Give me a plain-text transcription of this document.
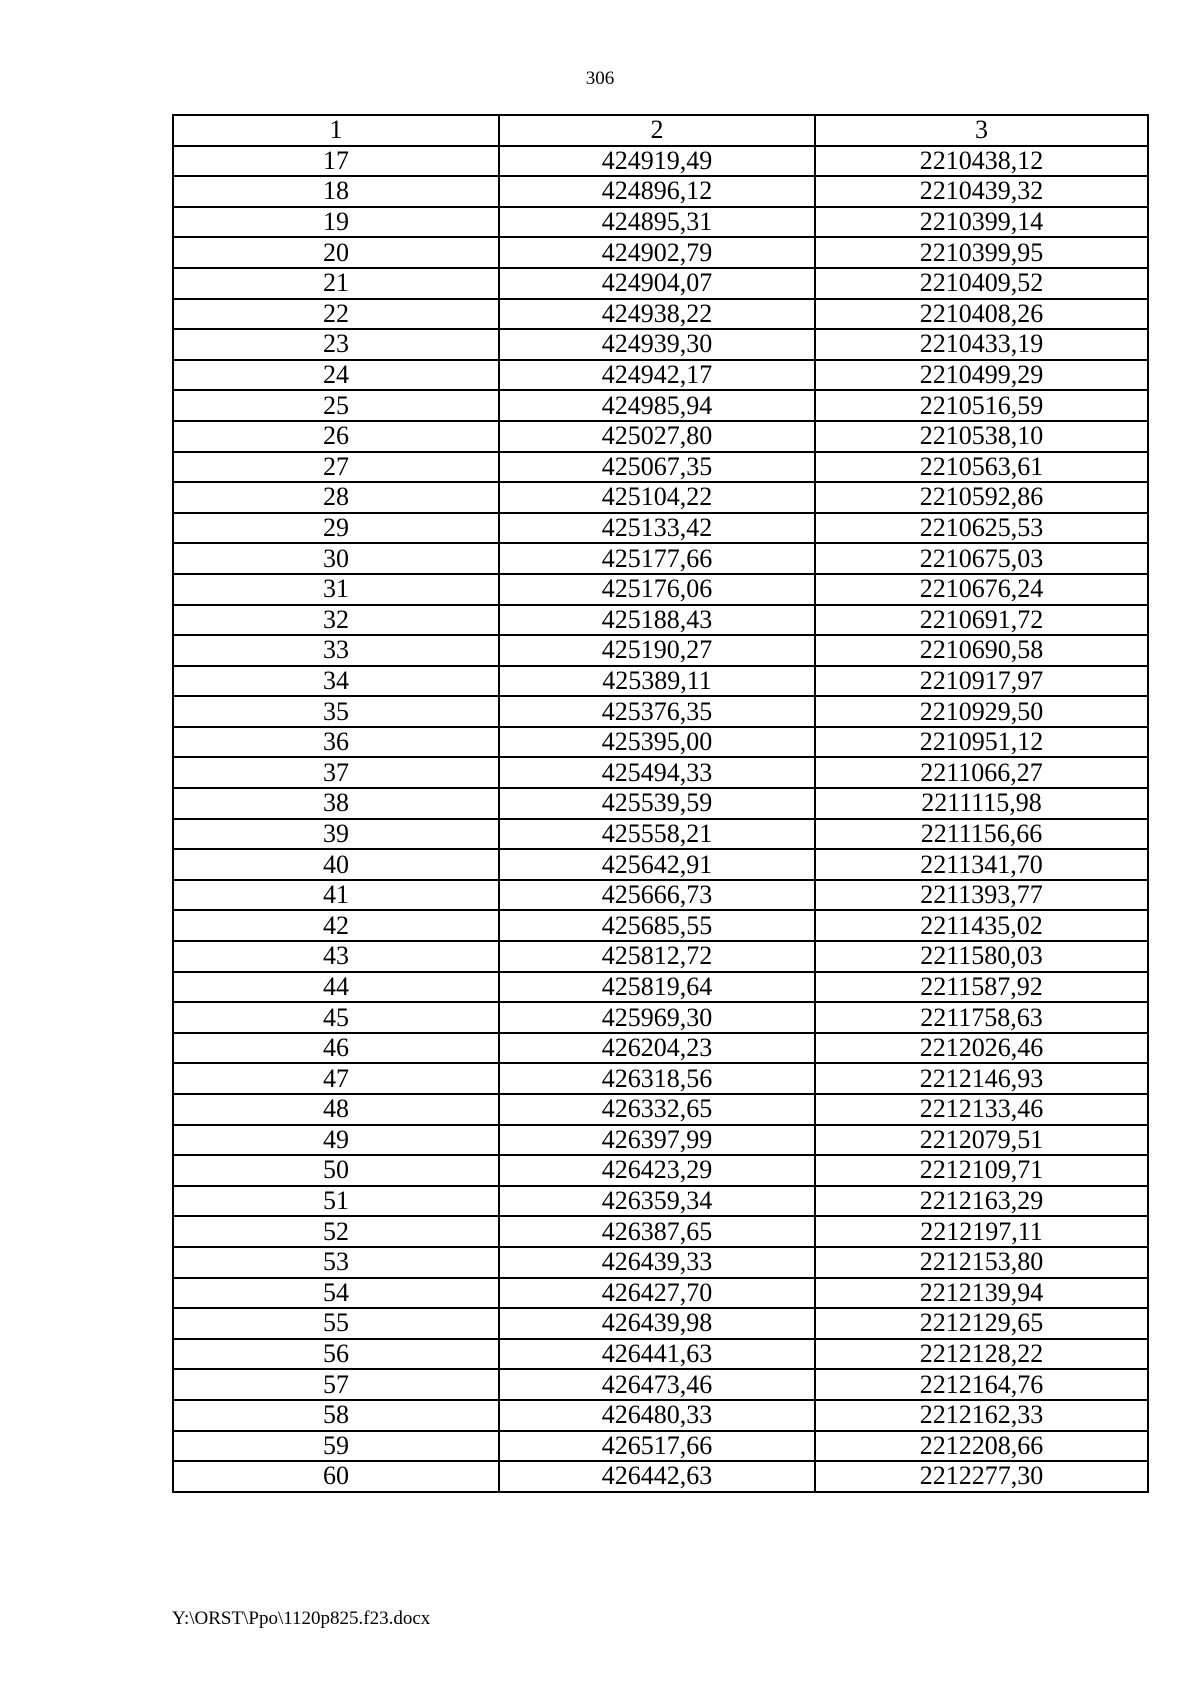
306
1	2	3
17	424919,49	2210438,12
18	424896,12	2210439,32
19	424895,31	2210399,14
20	424902,79	2210399,95
21	424904,07	2210409,52
22	424938,22	2210408,26
23	424939,30	2210433,19
24	424942,17	2210499,29
25	424985,94	2210516,59
26	425027,80	2210538,10
27	425067,35	2210563,61
28	425104,22	2210592,86
29	425133,42	2210625,53
30	425177,66	2210675,03
31	425176,06	2210676,24
32	425188,43	2210691,72
33	425190,27	2210690,58
34	425389,11	2210917,97
35	425376,35	2210929,50
36	425395,00	2210951,12
37	425494,33	2211066,27
38	425539,59	2211115,98
39	425558,21	2211156,66
40	425642,91	2211341,70
41	425666,73	2211393,77
42	425685,55	2211435,02
43	425812,72	2211580,03
44	425819,64	2211587,92
45	425969,30	2211758,63
46	426204,23	2212026,46
47	426318,56	2212146,93
48	426332,65	2212133,46
49	426397,99	2212079,51
50	426423,29	2212109,71
51	426359,34	2212163,29
52	426387,65	2212197,11
53	426439,33	2212153,80
54	426427,70	2212139,94
55	426439,98	2212129,65
56	426441,63	2212128,22
57	426473,46	2212164,76
58	426480,33	2212162,33
59	426517,66	2212208,66
60	426442,63	2212277,30
Y:\ORST\Ppo\1120p825.f23.docx
